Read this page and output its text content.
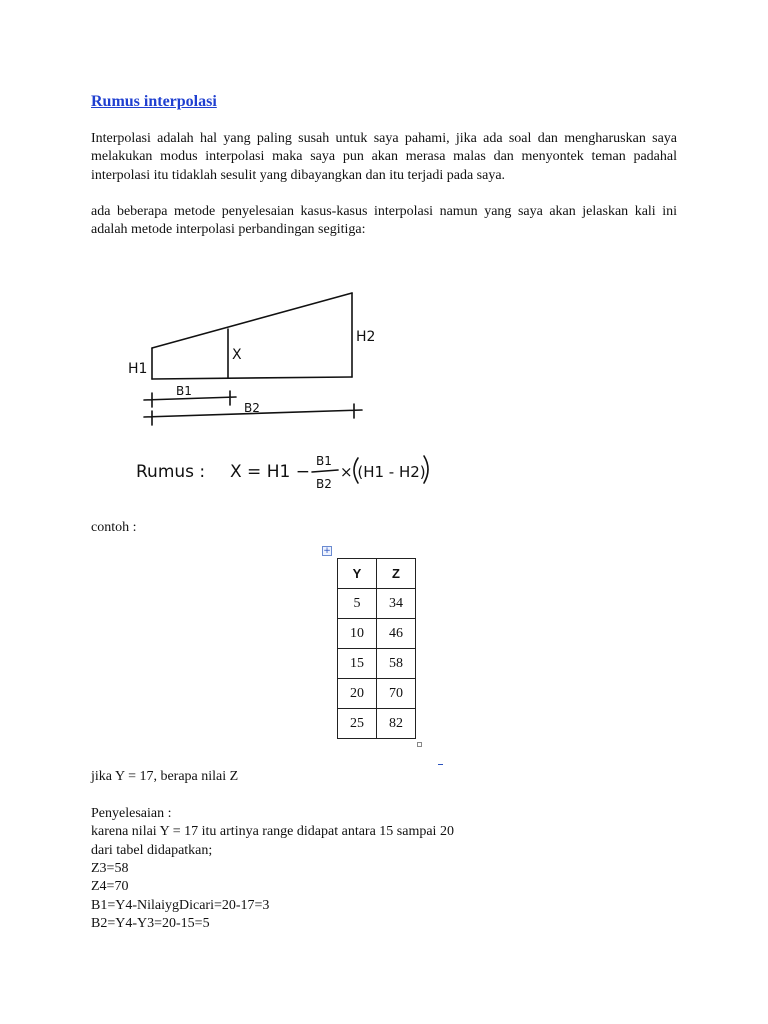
Rumus interpolasi

Interpolasi adalah hal yang paling susah untuk saya pahami, jika ada soal dan mengharuskan saya melakukan modus interpolasi maka saya pun akan merasa malas dan menyontek teman padahal interpolasi itu tidaklah sesulit yang dibayangkan dan itu terjadi pada saya.

ada beberapa metode penyelesaian kasus-kasus interpolasi namun yang saya akan jelaskan kali ini adalah metode interpolasi perbandingan segitiga:

H1
H2
X
B1
B2
Rumus : X = H1 −
B1
B2
× (H1 - H2)

contoh :

+
Y	Z
5	34
10	46
15	58
20	70
25	82
jika Y = 17, berapa nilai Z
Penyelesaian :
karena nilai Y = 17 itu artinya range didapat antara 15 sampai 20
dari tabel didapatkan;
Z3=58
Z4=70
B1=Y4-NilaiygDicari=20-17=3
B2=Y4-Y3=20-15=5
